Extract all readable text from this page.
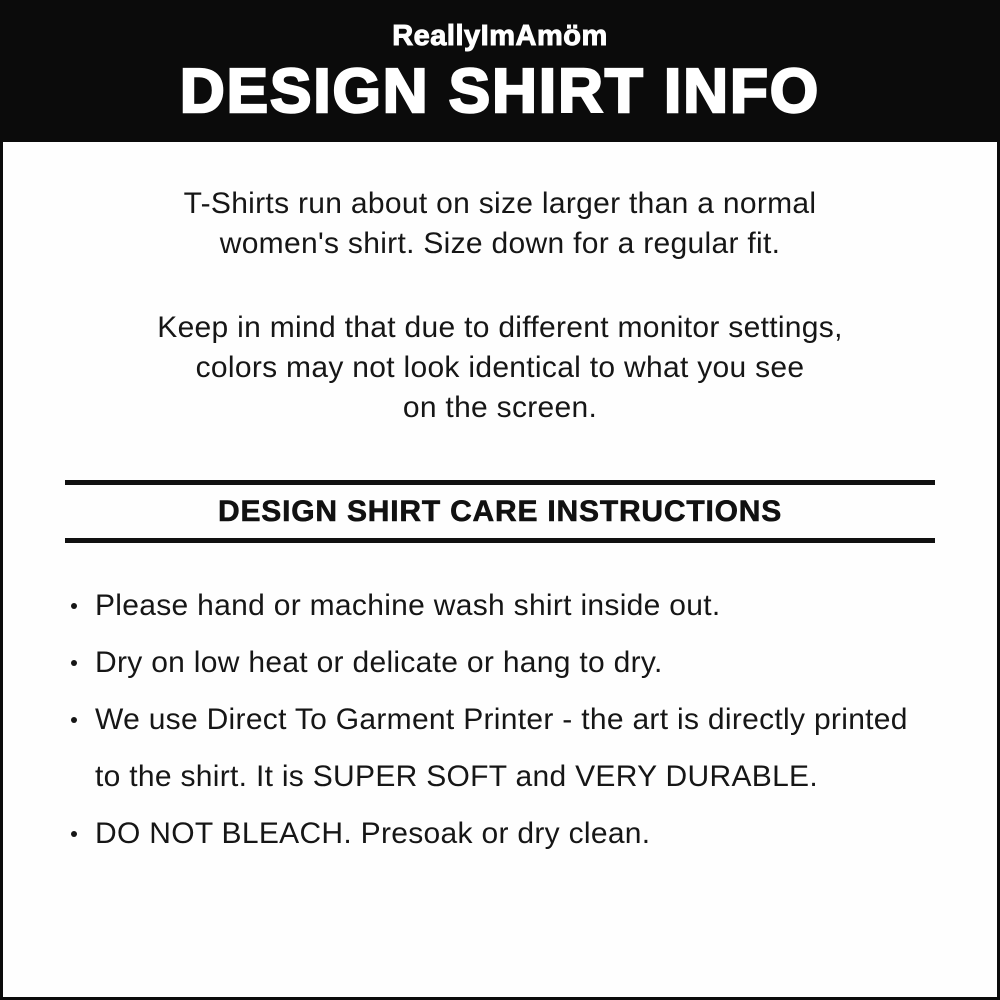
ReallyImAmöm
DESIGN SHIRT INFO
T-Shirts run about on size larger than a normal
women's shirt. Size down for a regular fit.
Keep in mind that due to different monitor settings,
colors may not look identical to what you see
on the screen.
DESIGN SHIRT CARE INSTRUCTIONS
Please hand or machine wash shirt inside out.
Dry on low heat or delicate or hang to dry.
We use Direct To Garment Printer - the art is directly printed to the shirt. It is SUPER SOFT and VERY DURABLE.
DO NOT BLEACH. Presoak or dry clean.
